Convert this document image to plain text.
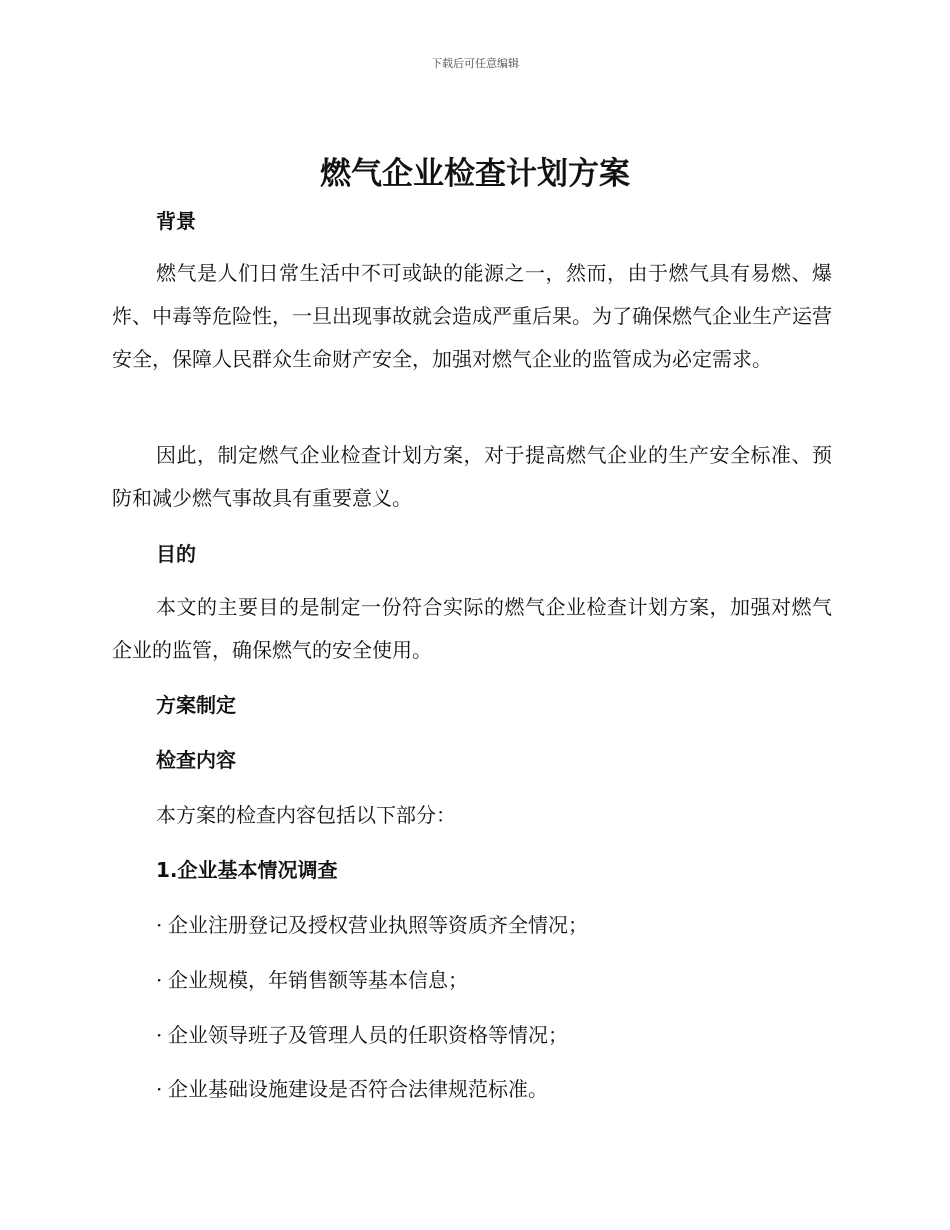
下载后可任意编辑
燃气企业检查计划方案
背景

燃气是人们日常生活中不可或缺的能源之一，然而，由于燃气具有易燃、爆炸、中毒等危险性，一旦出现事故就会造成严重后果。为了确保燃气企业生产运营安全，保障人民群众生命财产安全，加强对燃气企业的监管成为必定需求。

因此，制定燃气企业检查计划方案，对于提高燃气企业的生产安全标准、预防和减少燃气事故具有重要意义。

目的

本文的主要目的是制定一份符合实际的燃气企业检查计划方案，加强对燃气企业的监管，确保燃气的安全使用。

方案制定
检查内容

本方案的检查内容包括以下部分：

1.企业基本情况调查

· 企业注册登记及授权营业执照等资质齐全情况；

· 企业规模，年销售额等基本信息；

· 企业领导班子及管理人员的任职资格等情况；

· 企业基础设施建设是否符合法律规范标准。
